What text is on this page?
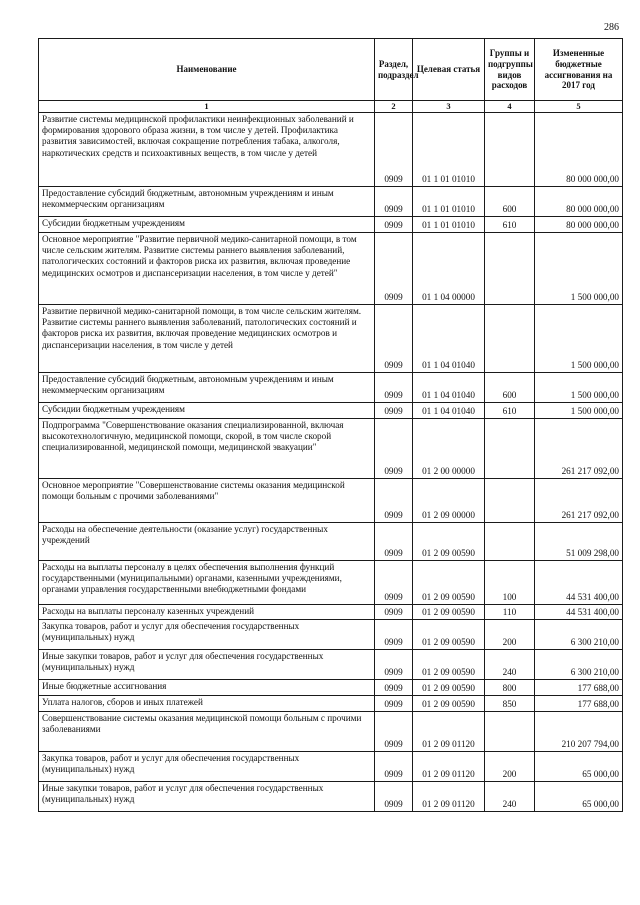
286
Наименование	Раздел, подраздел	Целевая статья	Группы и подгруппы видов расходов	Измененные бюджетные ассигнования на 2017 год
1	2	3	4	5
Развитие системы медицинской профилактики неинфекционных заболеваний и формирования здорового образа жизни, в том числе у детей. Профилактика развития зависимостей, включая сокращение потребления табака, алкоголя, наркотических средств и психоактивных веществ, в том числе у детей	0909	01 1 01 01010		80 000 000,00
Предоставление субсидий бюджетным, автономным учреждениям и иным некоммерческим организациям	0909	01 1 01 01010	600	80 000 000,00
Субсидии бюджетным учреждениям	0909	01 1 01 01010	610	80 000 000,00
Основное мероприятие "Развитие первичной медико-санитарной помощи, в том числе сельским жителям. Развитие системы раннего выявления заболеваний, патологических состояний и факторов риска их развития, включая проведение медицинских осмотров и диспансеризации населения, в том числе у детей"	0909	01 1 04 00000		1 500 000,00
Развитие первичной медико-санитарной помощи, в том числе сельским жителям. Развитие системы раннего выявления заболеваний, патологических состояний и факторов риска их развития, включая проведение медицинских осмотров и диспансеризации населения, в том числе у детей	0909	01 1 04 01040		1 500 000,00
Предоставление субсидий бюджетным, автономным учреждениям и иным некоммерческим организациям	0909	01 1 04 01040	600	1 500 000,00
Субсидии бюджетным учреждениям	0909	01 1 04 01040	610	1 500 000,00
Подпрограмма "Совершенствование оказания специализированной, включая высокотехнологичную, медицинской помощи, скорой, в том числе скорой специализированной, медицинской помощи, медицинской эвакуации"	0909	01 2 00 00000		261 217 092,00
Основное мероприятие "Совершенствование системы оказания медицинской помощи больным с прочими заболеваниями"	0909	01 2 09 00000		261 217 092,00
Расходы на обеспечение деятельности (оказание услуг) государственных учреждений	0909	01 2 09 00590		51 009 298,00
Расходы на выплаты персоналу в целях обеспечения выполнения функций государственными (муниципальными) органами, казенными учреждениями, органами управления государственными внебюджетными фондами	0909	01 2 09 00590	100	44 531 400,00
Расходы на выплаты персоналу казенных учреждений	0909	01 2 09 00590	110	44 531 400,00
Закупка товаров, работ и услуг для обеспечения государственных (муниципальных) нужд	0909	01 2 09 00590	200	6 300 210,00
Иные закупки товаров, работ и услуг для обеспечения государственных (муниципальных) нужд	0909	01 2 09 00590	240	6 300 210,00
Иные бюджетные ассигнования	0909	01 2 09 00590	800	177 688,00
Уплата налогов, сборов и иных платежей	0909	01 2 09 00590	850	177 688,00
Совершенствование системы оказания медицинской помощи больным с прочими заболеваниями	0909	01 2 09 01120		210 207 794,00
Закупка товаров, работ и услуг для обеспечения государственных (муниципальных) нужд	0909	01 2 09 01120	200	65 000,00
Иные закупки товаров, работ и услуг для обеспечения государственных (муниципальных) нужд	0909	01 2 09 01120	240	65 000,00
